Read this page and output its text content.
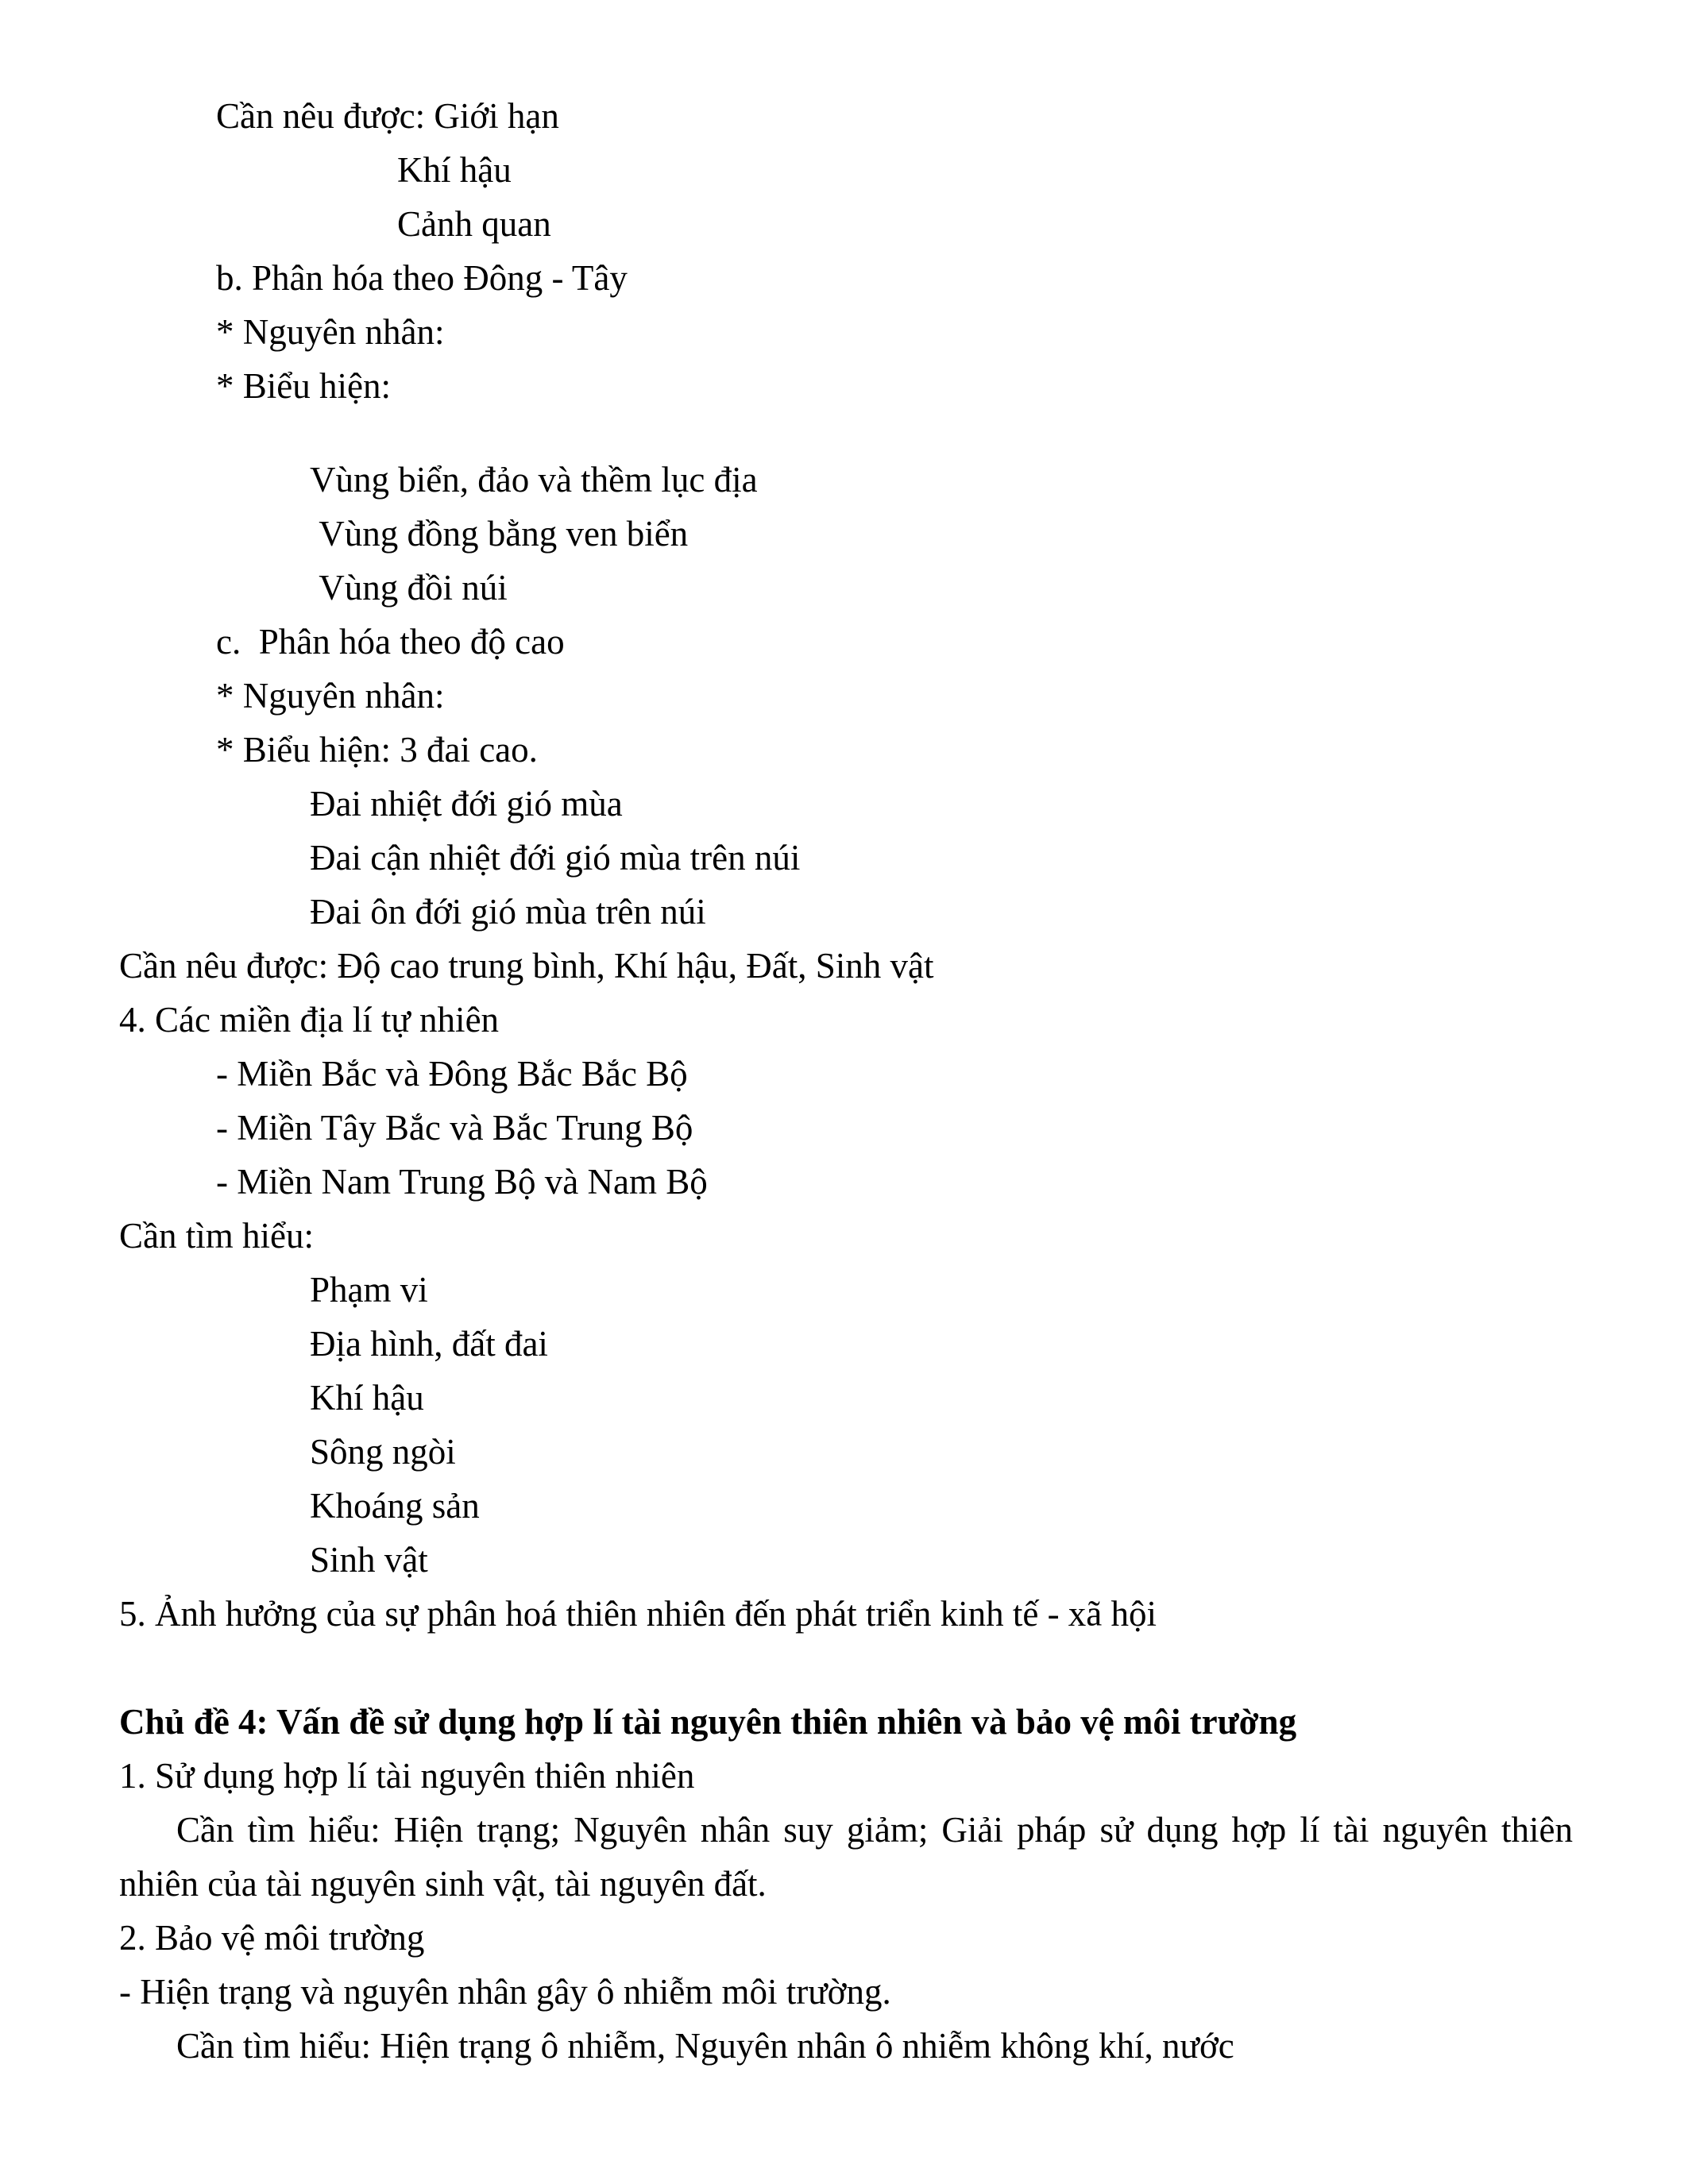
Cần nêu được: Giới hạn
Khí hậu
Cảnh quan
b. Phân hóa theo Đông - Tây
* Nguyên nhân:
* Biểu hiện:
Vùng biển, đảo và thềm lục địa
Vùng đồng bằng ven biển
Vùng đồi núi
c.  Phân hóa theo độ cao
* Nguyên nhân:
* Biểu hiện: 3 đai cao.
Đai nhiệt đới gió mùa
Đai cận nhiệt đới gió mùa trên núi
Đai ôn đới gió mùa trên núi
Cần nêu được: Độ cao trung bình, Khí hậu, Đất, Sinh vật
4. Các miền địa lí tự nhiên
- Miền Bắc và Đông Bắc Bắc Bộ
- Miền Tây Bắc và Bắc Trung Bộ
- Miền Nam Trung Bộ và Nam Bộ
Cần tìm hiểu:
Phạm vi
Địa hình, đất đai
Khí hậu
Sông ngòi
Khoáng sản
Sinh vật
5. Ảnh hưởng của sự phân hoá thiên nhiên đến phát triển kinh tế - xã hội
Chủ đề 4: Vấn đề sử dụng hợp lí tài nguyên thiên nhiên và bảo vệ môi trường
1. Sử dụng hợp lí tài nguyên thiên nhiên
Cần tìm hiểu: Hiện trạng; Nguyên nhân suy giảm; Giải pháp sử dụng hợp lí tài nguyên thiên nhiên của tài nguyên sinh vật, tài nguyên đất.
2. Bảo vệ môi trường
- Hiện trạng và nguyên nhân gây ô nhiễm môi trường.
Cần tìm hiểu: Hiện trạng ô nhiễm, Nguyên nhân ô nhiễm không khí, nước
